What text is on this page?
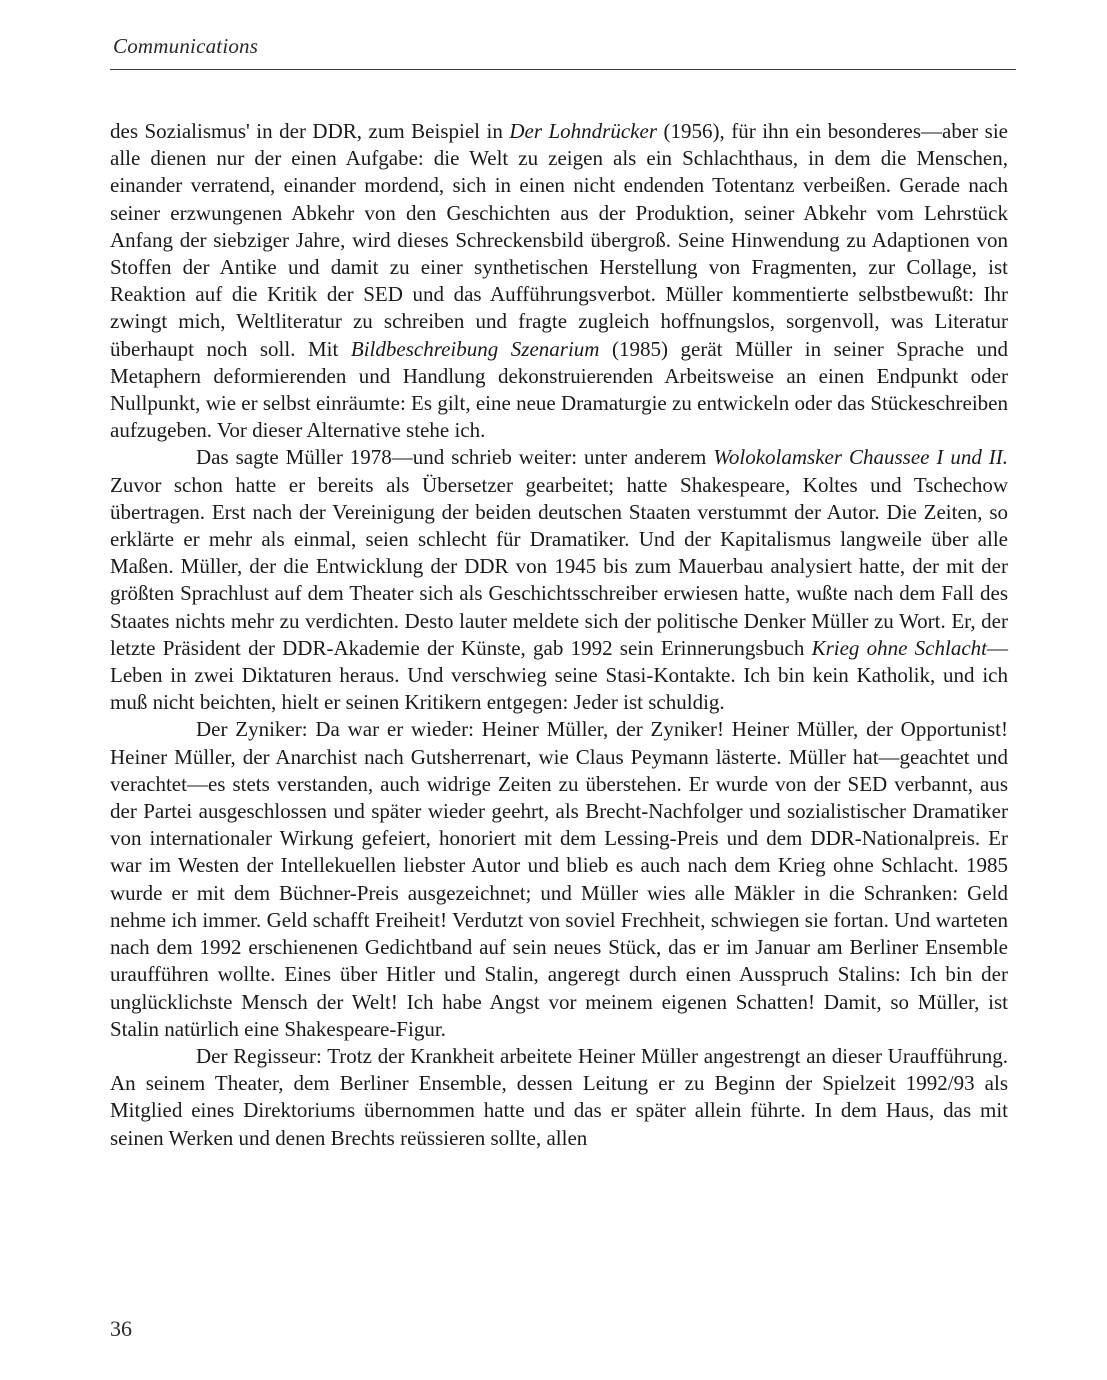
Communications

des Sozialismus' in der DDR, zum Beispiel in Der Lohndrücker (1956), für ihn ein besonderes—aber sie alle dienen nur der einen Aufgabe: die Welt zu zeigen als ein Schlachthaus, in dem die Menschen, einander verratend, einander mordend, sich in einen nicht endenden Totentanz verbeißen. Gerade nach seiner erzwungenen Abkehr von den Geschichten aus der Produktion, seiner Abkehr vom Lehrstück Anfang der siebziger Jahre, wird dieses Schreckensbild übergroß. Seine Hinwendung zu Adaptionen von Stoffen der Antike und damit zu einer synthetischen Herstellung von Fragmenten, zur Collage, ist Reaktion auf die Kritik der SED und das Aufführungsverbot. Müller kommentierte selbstbewußt: Ihr zwingt mich, Weltliteratur zu schreiben und fragte zugleich hoffnungslos, sorgenvoll, was Literatur überhaupt noch soll. Mit Bildbeschreibung Szenarium (1985) gerät Müller in seiner Sprache und Metaphern deformierenden und Handlung dekonstruierenden Arbeitsweise an einen Endpunkt oder Nullpunkt, wie er selbst einräumte: Es gilt, eine neue Dramaturgie zu entwickeln oder das Stückeschreiben aufzugeben. Vor dieser Alternative stehe ich.

Das sagte Müller 1978—und schrieb weiter: unter anderem Wolokolamsker Chaussee I und II. Zuvor schon hatte er bereits als Übersetzer gearbeitet; hatte Shakespeare, Koltes und Tschechow übertragen. Erst nach der Vereinigung der beiden deutschen Staaten verstummt der Autor. Die Zeiten, so erklärte er mehr als einmal, seien schlecht für Dramatiker. Und der Kapitalismus langweile über alle Maßen. Müller, der die Entwicklung der DDR von 1945 bis zum Mauerbau analysiert hatte, der mit der größten Sprachlust auf dem Theater sich als Geschichtsschreiber erwiesen hatte, wußte nach dem Fall des Staates nichts mehr zu verdichten. Desto lauter meldete sich der politische Denker Müller zu Wort. Er, der letzte Präsident der DDR-Akademie der Künste, gab 1992 sein Erinnerungsbuch Krieg ohne Schlacht—Leben in zwei Diktaturen heraus. Und verschwieg seine Stasi-Kontakte. Ich bin kein Katholik, und ich muß nicht beichten, hielt er seinen Kritikern entgegen: Jeder ist schuldig.

Der Zyniker: Da war er wieder: Heiner Müller, der Zyniker! Heiner Müller, der Opportunist! Heiner Müller, der Anarchist nach Gutsherrenart, wie Claus Peymann lästerte. Müller hat—geachtet und verachtet—es stets verstanden, auch widrige Zeiten zu überstehen. Er wurde von der SED verbannt, aus der Partei ausgeschlossen und später wieder geehrt, als Brecht-Nachfolger und sozialistischer Dramatiker von internationaler Wirkung gefeiert, honoriert mit dem Lessing-Preis und dem DDR-Nationalpreis. Er war im Westen der Intellekuellen liebster Autor und blieb es auch nach dem Krieg ohne Schlacht. 1985 wurde er mit dem Büchner-Preis ausgezeichnet; und Müller wies alle Mäkler in die Schranken: Geld nehme ich immer. Geld schafft Freiheit! Verdutzt von soviel Frechheit, schwiegen sie fortan. Und warteten nach dem 1992 erschienenen Gedichtband auf sein neues Stück, das er im Januar am Berliner Ensemble uraufführen wollte. Eines über Hitler und Stalin, angeregt durch einen Ausspruch Stalins: Ich bin der unglücklichste Mensch der Welt! Ich habe Angst vor meinem eigenen Schatten! Damit, so Müller, ist Stalin natürlich eine Shakespeare-Figur.

Der Regisseur: Trotz der Krankheit arbeitete Heiner Müller angestrengt an dieser Uraufführung. An seinem Theater, dem Berliner Ensemble, dessen Leitung er zu Beginn der Spielzeit 1992/93 als Mitglied eines Direktoriums übernommen hatte und das er später allein führte. In dem Haus, das mit seinen Werken und denen Brechts reüssieren sollte, allen

36
